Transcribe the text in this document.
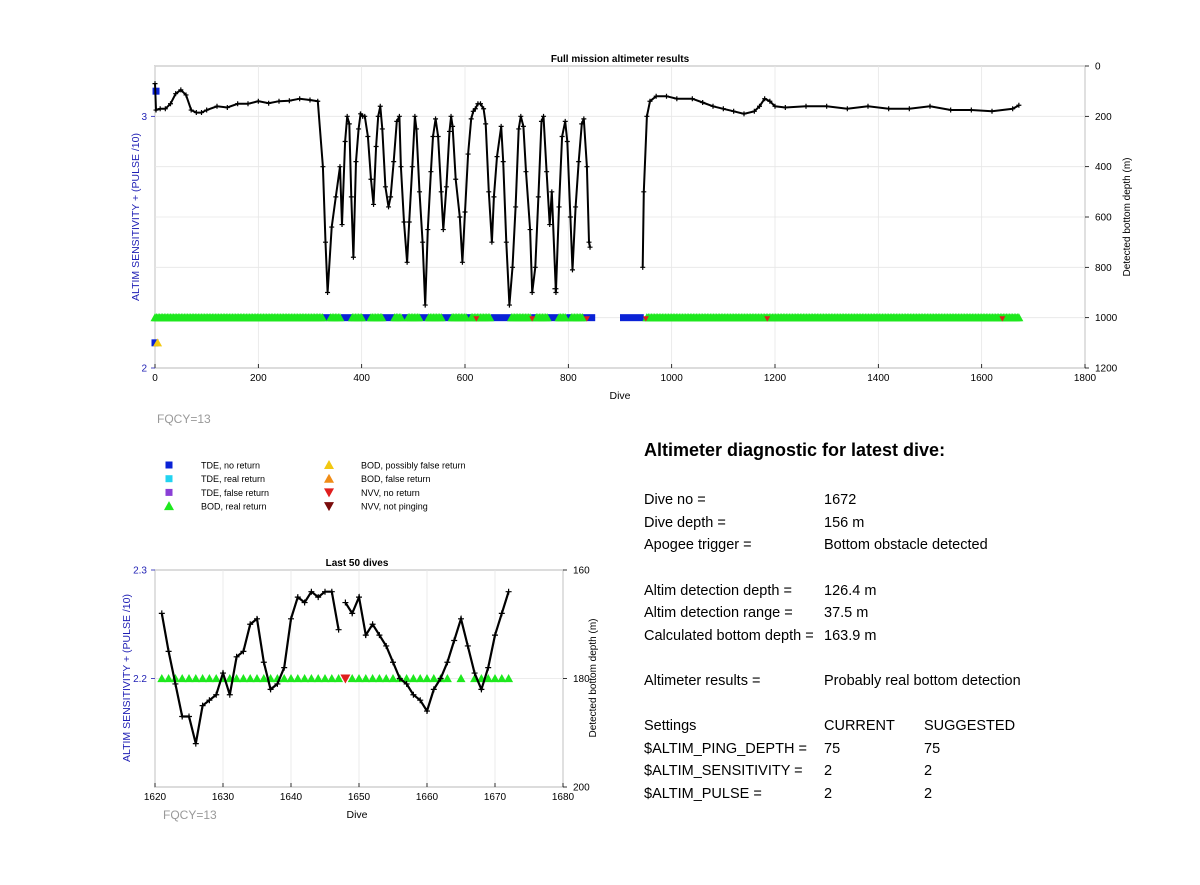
0	200	400	600	800	1000	1200	1400	1600	1800
0
200
400
600
800
1000
1200
2
3
Full mission altimeter results
Dive
ALTIM SENSITIVITY + (PULSE /10)	Detected bottom depth (m)
FQCY=13
TDE, no return
TDE, real return
TDE, false return
BOD, real return
BOD, possibly false return
BOD, false return
NVV, no return
NVV, not pinging
1620	1630	1640	1650	1660	1670	1680
160
180
200
2.3
2.2
Last 50 dives
Dive
ALTIM SENSITIVITY + (PULSE /10)	Detected bottom depth (m)
FQCY=13
Altimeter diagnostic for latest dive:
Dive no =	1672
Dive depth =	156 m
Apogee trigger =	Bottom obstacle detected
Altim detection depth =	126.4 m
Altim detection range =	37.5 m
Calculated bottom depth = 163.9 m
Altimeter results =	Probably real bottom detection
Settings	CURRENT	SUGGESTED
$ALTIM_PING_DEPTH =	75	75
$ALTIM_SENSITIVITY =	2	2
$ALTIM_PULSE =	2	2
